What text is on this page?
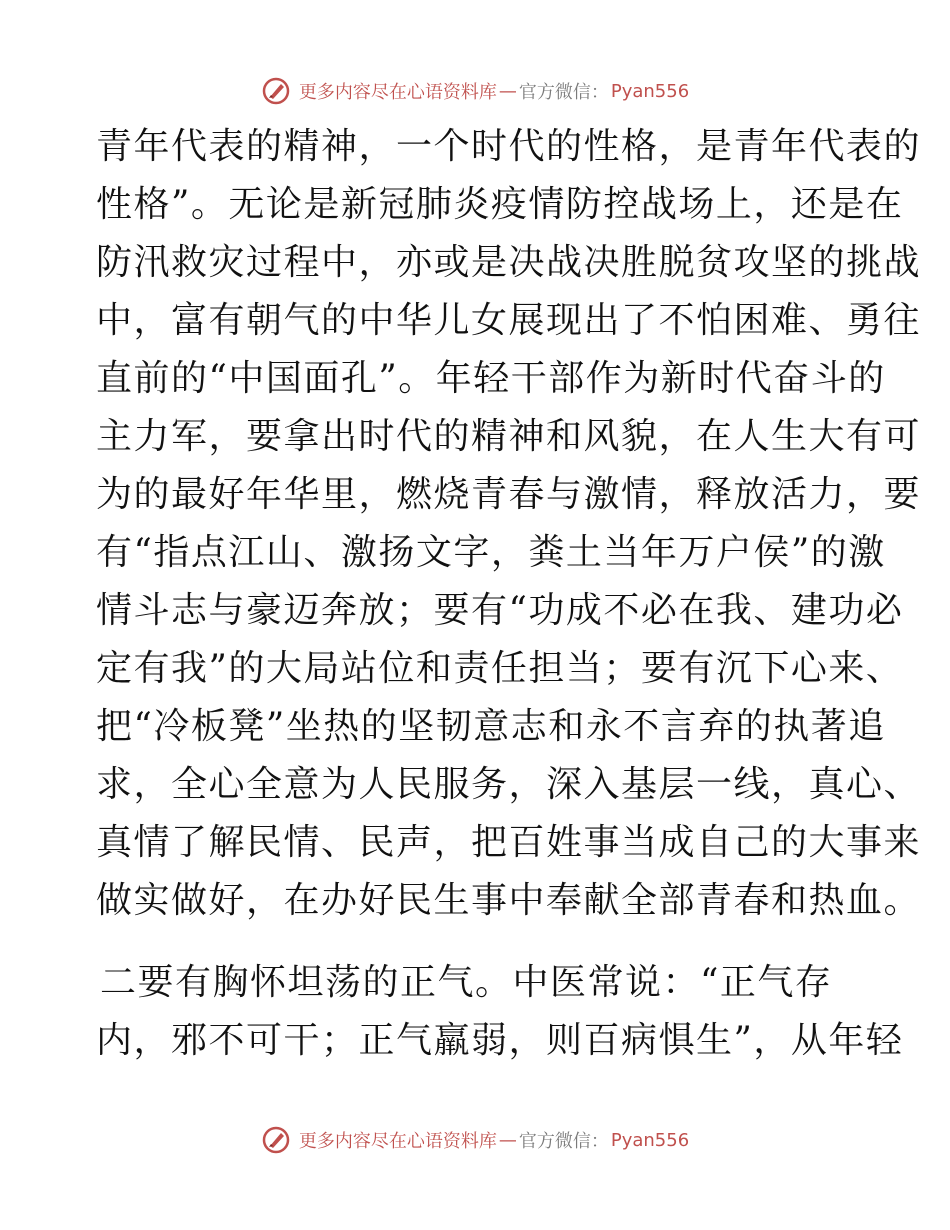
更多内容尽在心语资料库 — 官方微信： Pyan556
青年代表的精神，一个时代的性格，是青年代表的
性格”。无论是新冠肺炎疫情防控战场上，还是在
防汛救灾过程中，亦或是决战决胜脱贫攻坚的挑战
中，富有朝气的中华儿女展现出了不怕困难、勇往
直前的“中国面孔”。年轻干部作为新时代奋斗的
主力军，要拿出时代的精神和风貌，在人生大有可
为的最好年华里，燃烧青春与激情，释放活力，要
有“指点江山、激扬文字，粪土当年万户侯”的激
情斗志与豪迈奔放；要有“功成不必在我、建功必
定有我”的大局站位和责任担当；要有沉下心来、
把“冷板凳”坐热的坚韧意志和永不言弃的执著追
求，全心全意为人民服务，深入基层一线，真心、
真情了解民情、民声，把百姓事当成自己的大事来
做实做好，在办好民生事中奉献全部青春和热血。
二要有胸怀坦荡的正气。中医常说：“正气存
内，邪不可干；正气羸弱，则百病惧生”，从年轻
更多内容尽在心语资料库 — 官方微信： Pyan556
